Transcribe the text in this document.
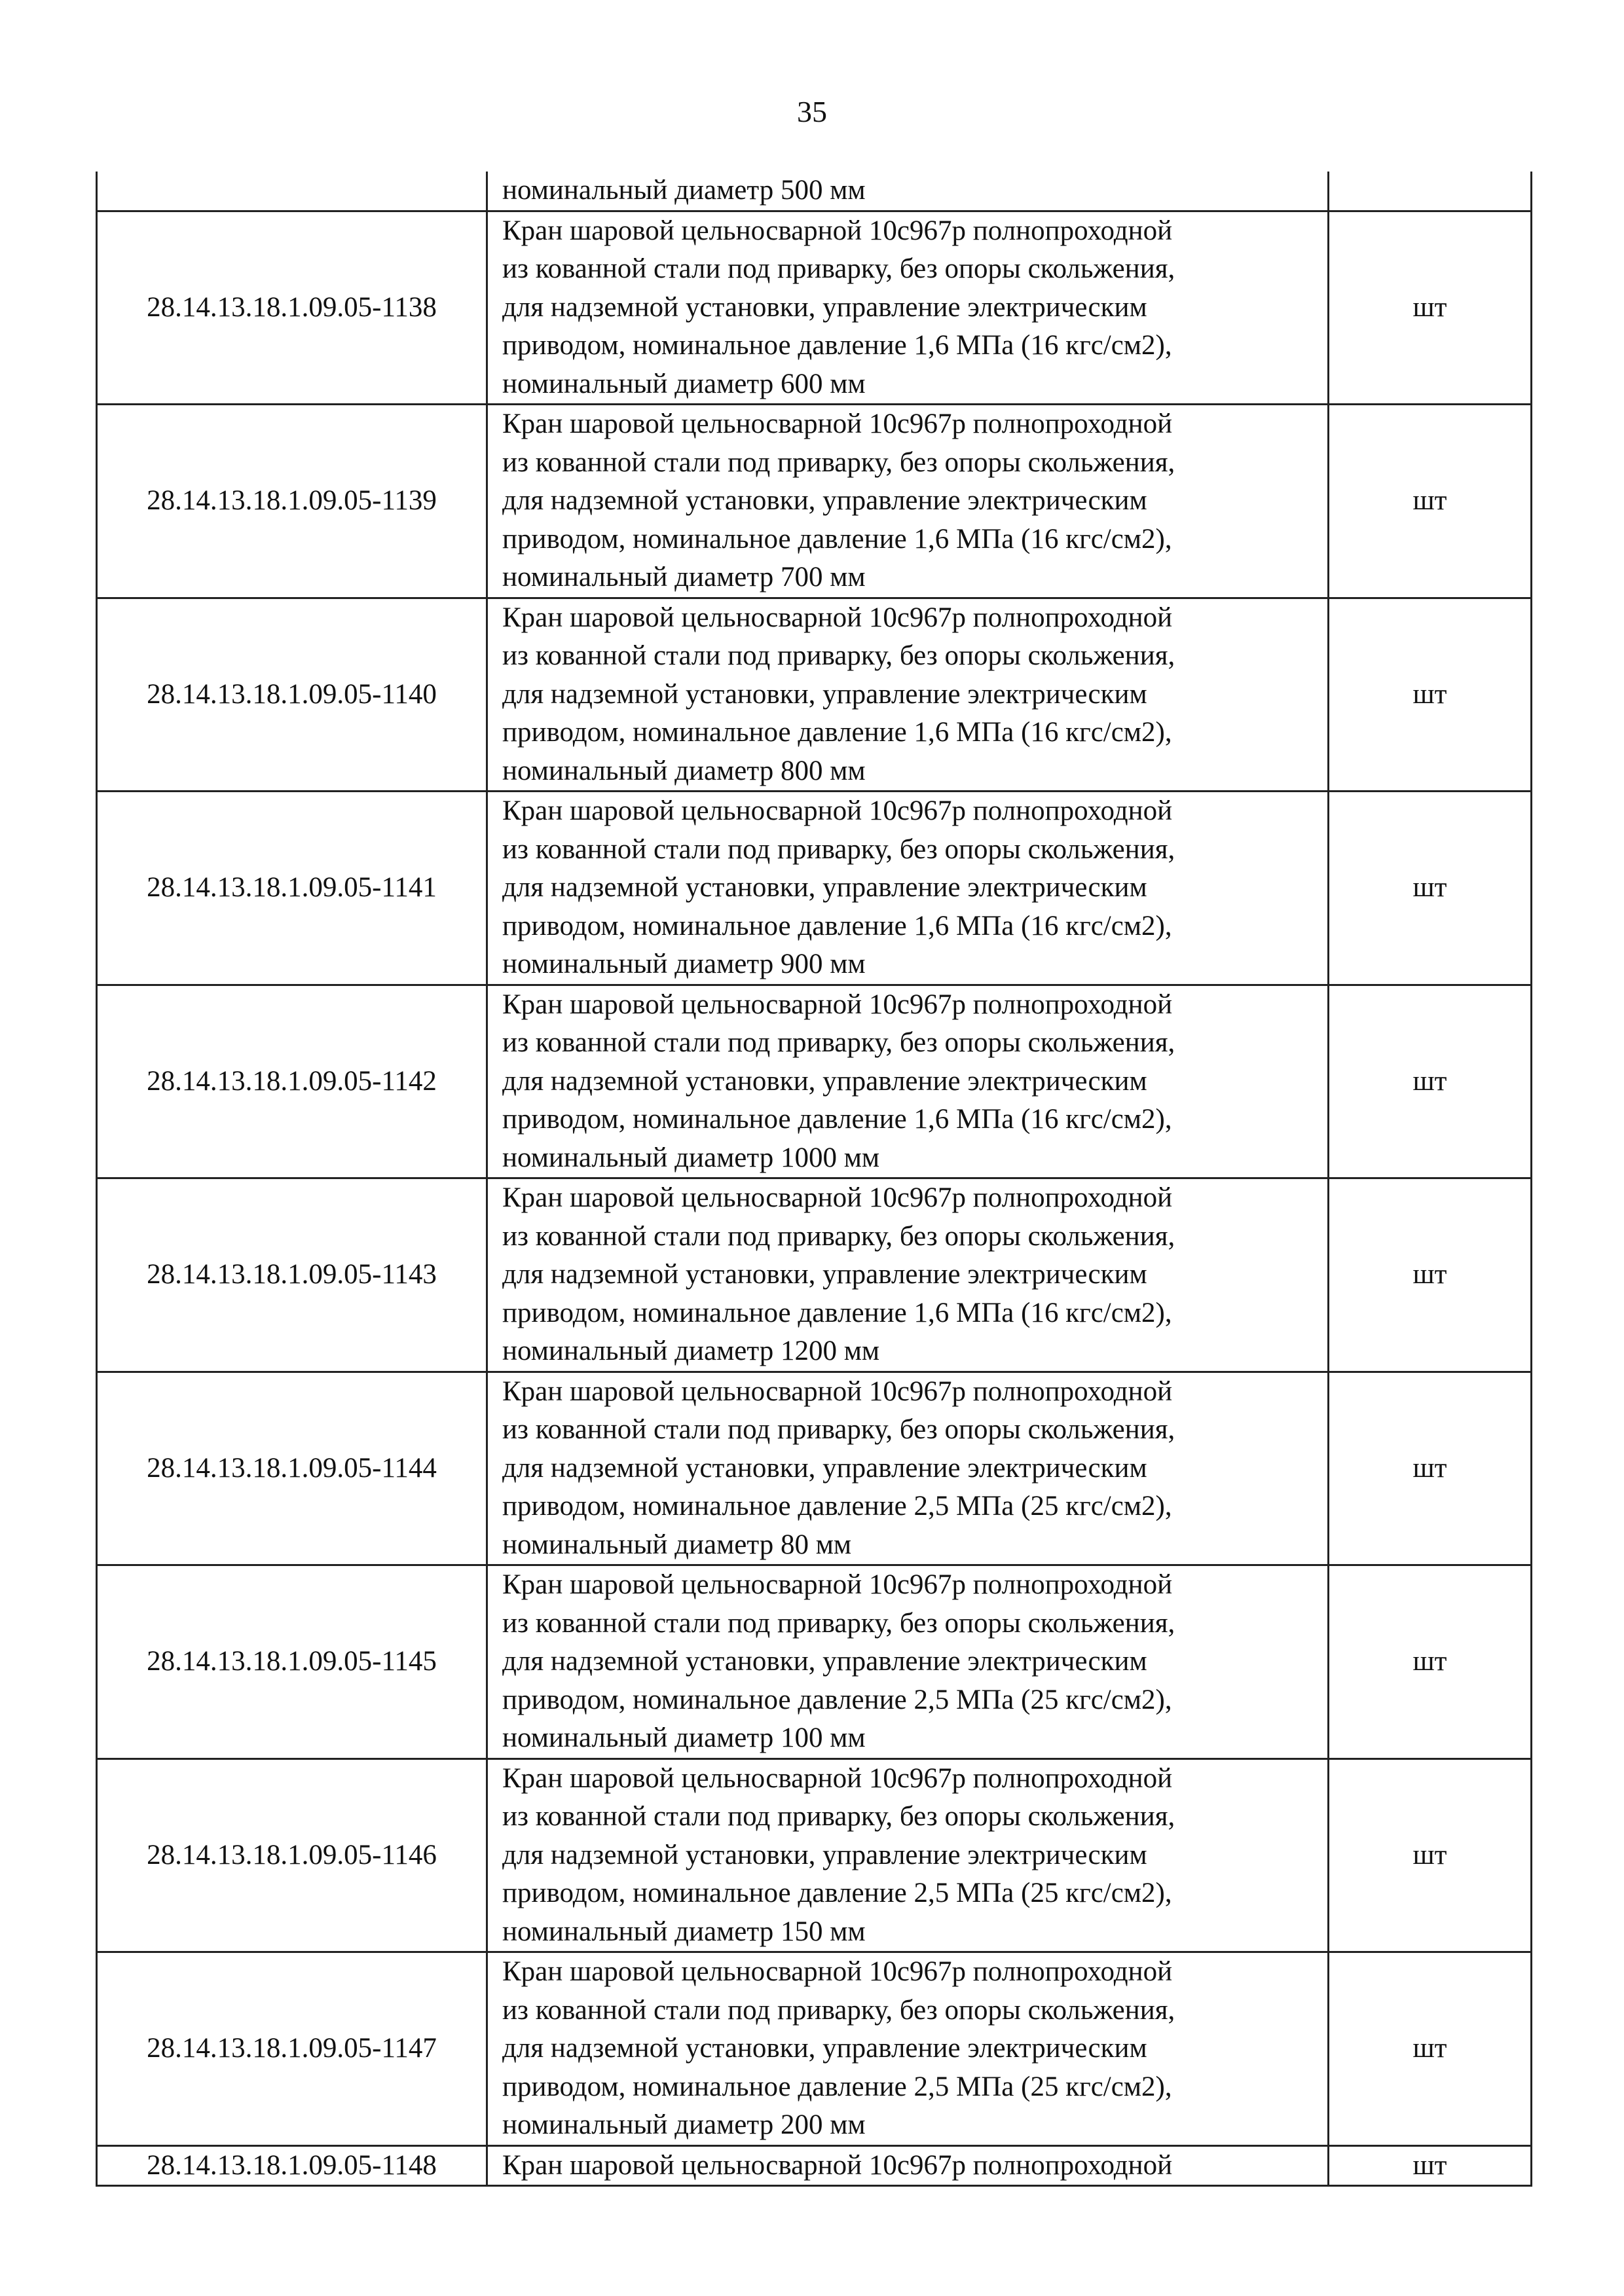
35

	номинальный диаметр 500 мм	

28.14.13.18.1.09.05-1138	Кран шаровой цельносварной 10с967р полнопроходной
из кованной стали под приварку, без опоры скольжения,
для надземной установки, управление электрическим
приводом, номинальное давление 1,6 МПа (16 кгс/см2),
номинальный диаметр 600 мм	шт
28.14.13.18.1.09.05-1139	Кран шаровой цельносварной 10с967р полнопроходной
из кованной стали под приварку, без опоры скольжения,
для надземной установки, управление электрическим
приводом, номинальное давление 1,6 МПа (16 кгс/см2),
номинальный диаметр 700 мм	шт
28.14.13.18.1.09.05-1140	Кран шаровой цельносварной 10с967р полнопроходной
из кованной стали под приварку, без опоры скольжения,
для надземной установки, управление электрическим
приводом, номинальное давление 1,6 МПа (16 кгс/см2),
номинальный диаметр 800 мм	шт
28.14.13.18.1.09.05-1141	Кран шаровой цельносварной 10с967р полнопроходной
из кованной стали под приварку, без опоры скольжения,
для надземной установки, управление электрическим
приводом, номинальное давление 1,6 МПа (16 кгс/см2),
номинальный диаметр 900 мм	шт
28.14.13.18.1.09.05-1142	Кран шаровой цельносварной 10с967р полнопроходной
из кованной стали под приварку, без опоры скольжения,
для надземной установки, управление электрическим
приводом, номинальное давление 1,6 МПа (16 кгс/см2),
номинальный диаметр 1000 мм	шт
28.14.13.18.1.09.05-1143	Кран шаровой цельносварной 10с967р полнопроходной
из кованной стали под приварку, без опоры скольжения,
для надземной установки, управление электрическим
приводом, номинальное давление 1,6 МПа (16 кгс/см2),
номинальный диаметр 1200 мм	шт
28.14.13.18.1.09.05-1144	Кран шаровой цельносварной 10с967р полнопроходной
из кованной стали под приварку, без опоры скольжения,
для надземной установки, управление электрическим
приводом, номинальное давление 2,5 МПа (25 кгс/см2),
номинальный диаметр 80 мм	шт
28.14.13.18.1.09.05-1145	Кран шаровой цельносварной 10с967р полнопроходной
из кованной стали под приварку, без опоры скольжения,
для надземной установки, управление электрическим
приводом, номинальное давление 2,5 МПа (25 кгс/см2),
номинальный диаметр 100 мм	шт
28.14.13.18.1.09.05-1146	Кран шаровой цельносварной 10с967р полнопроходной
из кованной стали под приварку, без опоры скольжения,
для надземной установки, управление электрическим
приводом, номинальное давление 2,5 МПа (25 кгс/см2),
номинальный диаметр 150 мм	шт
28.14.13.18.1.09.05-1147	Кран шаровой цельносварной 10с967р полнопроходной
из кованной стали под приварку, без опоры скольжения,
для надземной установки, управление электрическим
приводом, номинальное давление 2,5 МПа (25 кгс/см2),
номинальный диаметр 200 мм	шт
28.14.13.18.1.09.05-1148	Кран шаровой цельносварной 10с967р полнопроходной	шт
